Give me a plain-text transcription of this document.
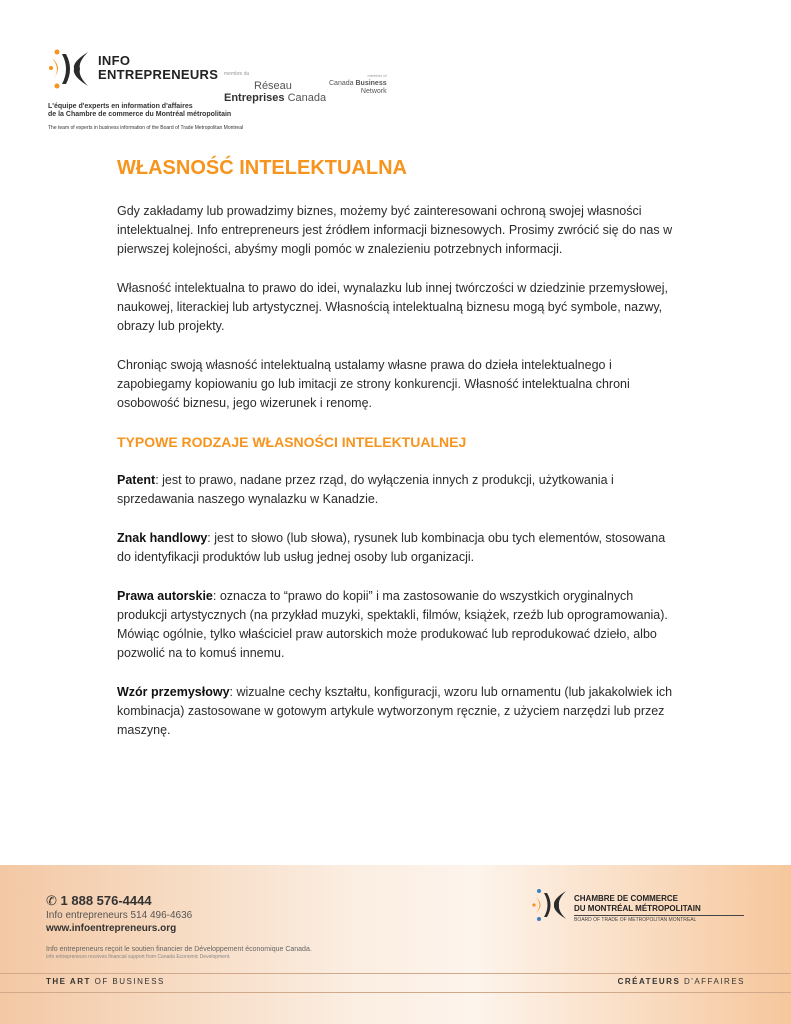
INFO
ENTREPRENEURS membre du
Réseau
Entreprises Canada
member of
Canada Business
Network
L'équipe d'experts en information d'affaires
de la Chambre de commerce du Montréal métropolitain
The team of experts in business information of the Board of Trade Metropolitan Montreal
WŁASNOŚĆ INTELEKTUALNA

Gdy zakładamy lub prowadzimy biznes, możemy być zainteresowani ochroną swojej własności intelektualnej. Info entrepreneurs jest źródłem informacji biznesowych. Prosimy zwrócić się do nas w pierwszej kolejności, abyśmy mogli pomóc w znalezieniu potrzebnych informacji.

Własność intelektualna to prawo do idei, wynalazku lub innej twórczości w dziedzinie przemysłowej, naukowej, literackiej lub artystycznej. Własnością intelektualną biznesu mogą być symbole, nazwy, obrazy lub projekty.

Chroniąc swoją własność intelektualną ustalamy własne prawa do dzieła intelektualnego i zapobiegamy kopiowaniu go lub imitacji ze strony konkurencji. Własność intelektualna chroni osobowość biznesu, jego wizerunek i renomę.

TYPOWE RODZAJE WŁASNOŚCI INTELEKTUALNEJ

Patent: jest to prawo, nadane przez rząd, do wyłączenia innych z produkcji, użytkowania i sprzedawania naszego wynalazku w Kanadzie.

Znak handlowy: jest to słowo (lub słowa), rysunek lub kombinacja obu tych elementów, stosowana do identyfikacji produktów lub usług jednej osoby lub organizacji.

Prawa autorskie: oznacza to “prawo do kopii” i ma zastosowanie do wszystkich oryginalnych produkcji artystycznych (na przykład muzyki, spektakli, filmów, książek, rzeźb lub oprogramowania). Mówiąc ogólnie, tylko właściciel praw autorskich może produkować lub reprodukować dzieło, albo pozwolić na to komuś innemu.

Wzór przemysłowy: wizualne cechy kształtu, konfiguracji, wzoru lub ornamentu (lub jakakolwiek ich kombinacja) zastosowane w gotowym artykule wytworzonym ręcznie, z użyciem narzędzi lub przez maszynę.

✆ 1 888 576-4444
Info entrepreneurs 514 496-4636
www.infoentrepreneurs.org
Info entrepreneurs reçoit le soutien financier de Développement économique Canada.
Info entrepreneurs receives financial support from Canada Economic Development.
CHAMBRE DE COMMERCE
DU MONTRÉAL MÉTROPOLITAIN
BOARD OF TRADE OF METROPOLITAN MONTREAL
THE ART OF BUSINESS	CRÉATEURS D'AFFAIRES
